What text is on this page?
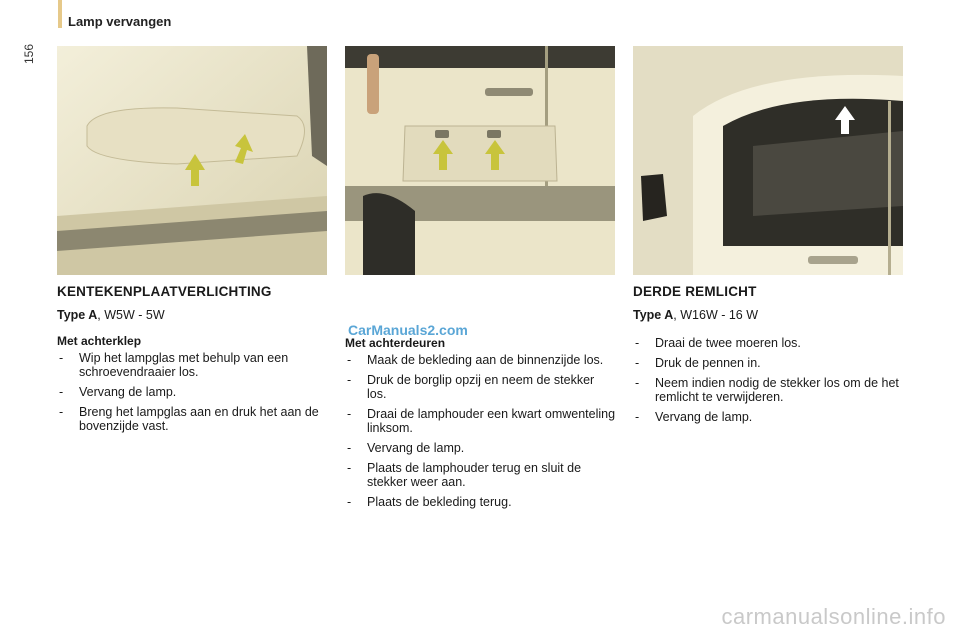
156
Lamp vervangen
KENTEKENPLAATVERLICHTING
Type A, W5W - 5W
Met achterklep
- Wip het lampglas met behulp van een schroevendraaier los.
- Vervang de lamp.
- Breng het lampglas aan en druk het aan de bovenzijde vast.
CarManuals2.com
Met achterdeuren
- Maak de bekleding aan de binnenzijde los.
- Druk de borglip opzij en neem de stekker los.
- Draai de lamphouder een kwart omwenteling linksom.
- Vervang de lamp.
- Plaats de lamphouder terug en sluit de stekker weer aan.
- Plaats de bekleding terug.
DERDE REMLICHT
Type A, W16W - 16 W
- Draai de twee moeren los.
- Druk de pennen in.
- Neem indien nodig de stekker los om de het remlicht te verwijderen.
- Vervang de lamp.
carmanualsonline.info
